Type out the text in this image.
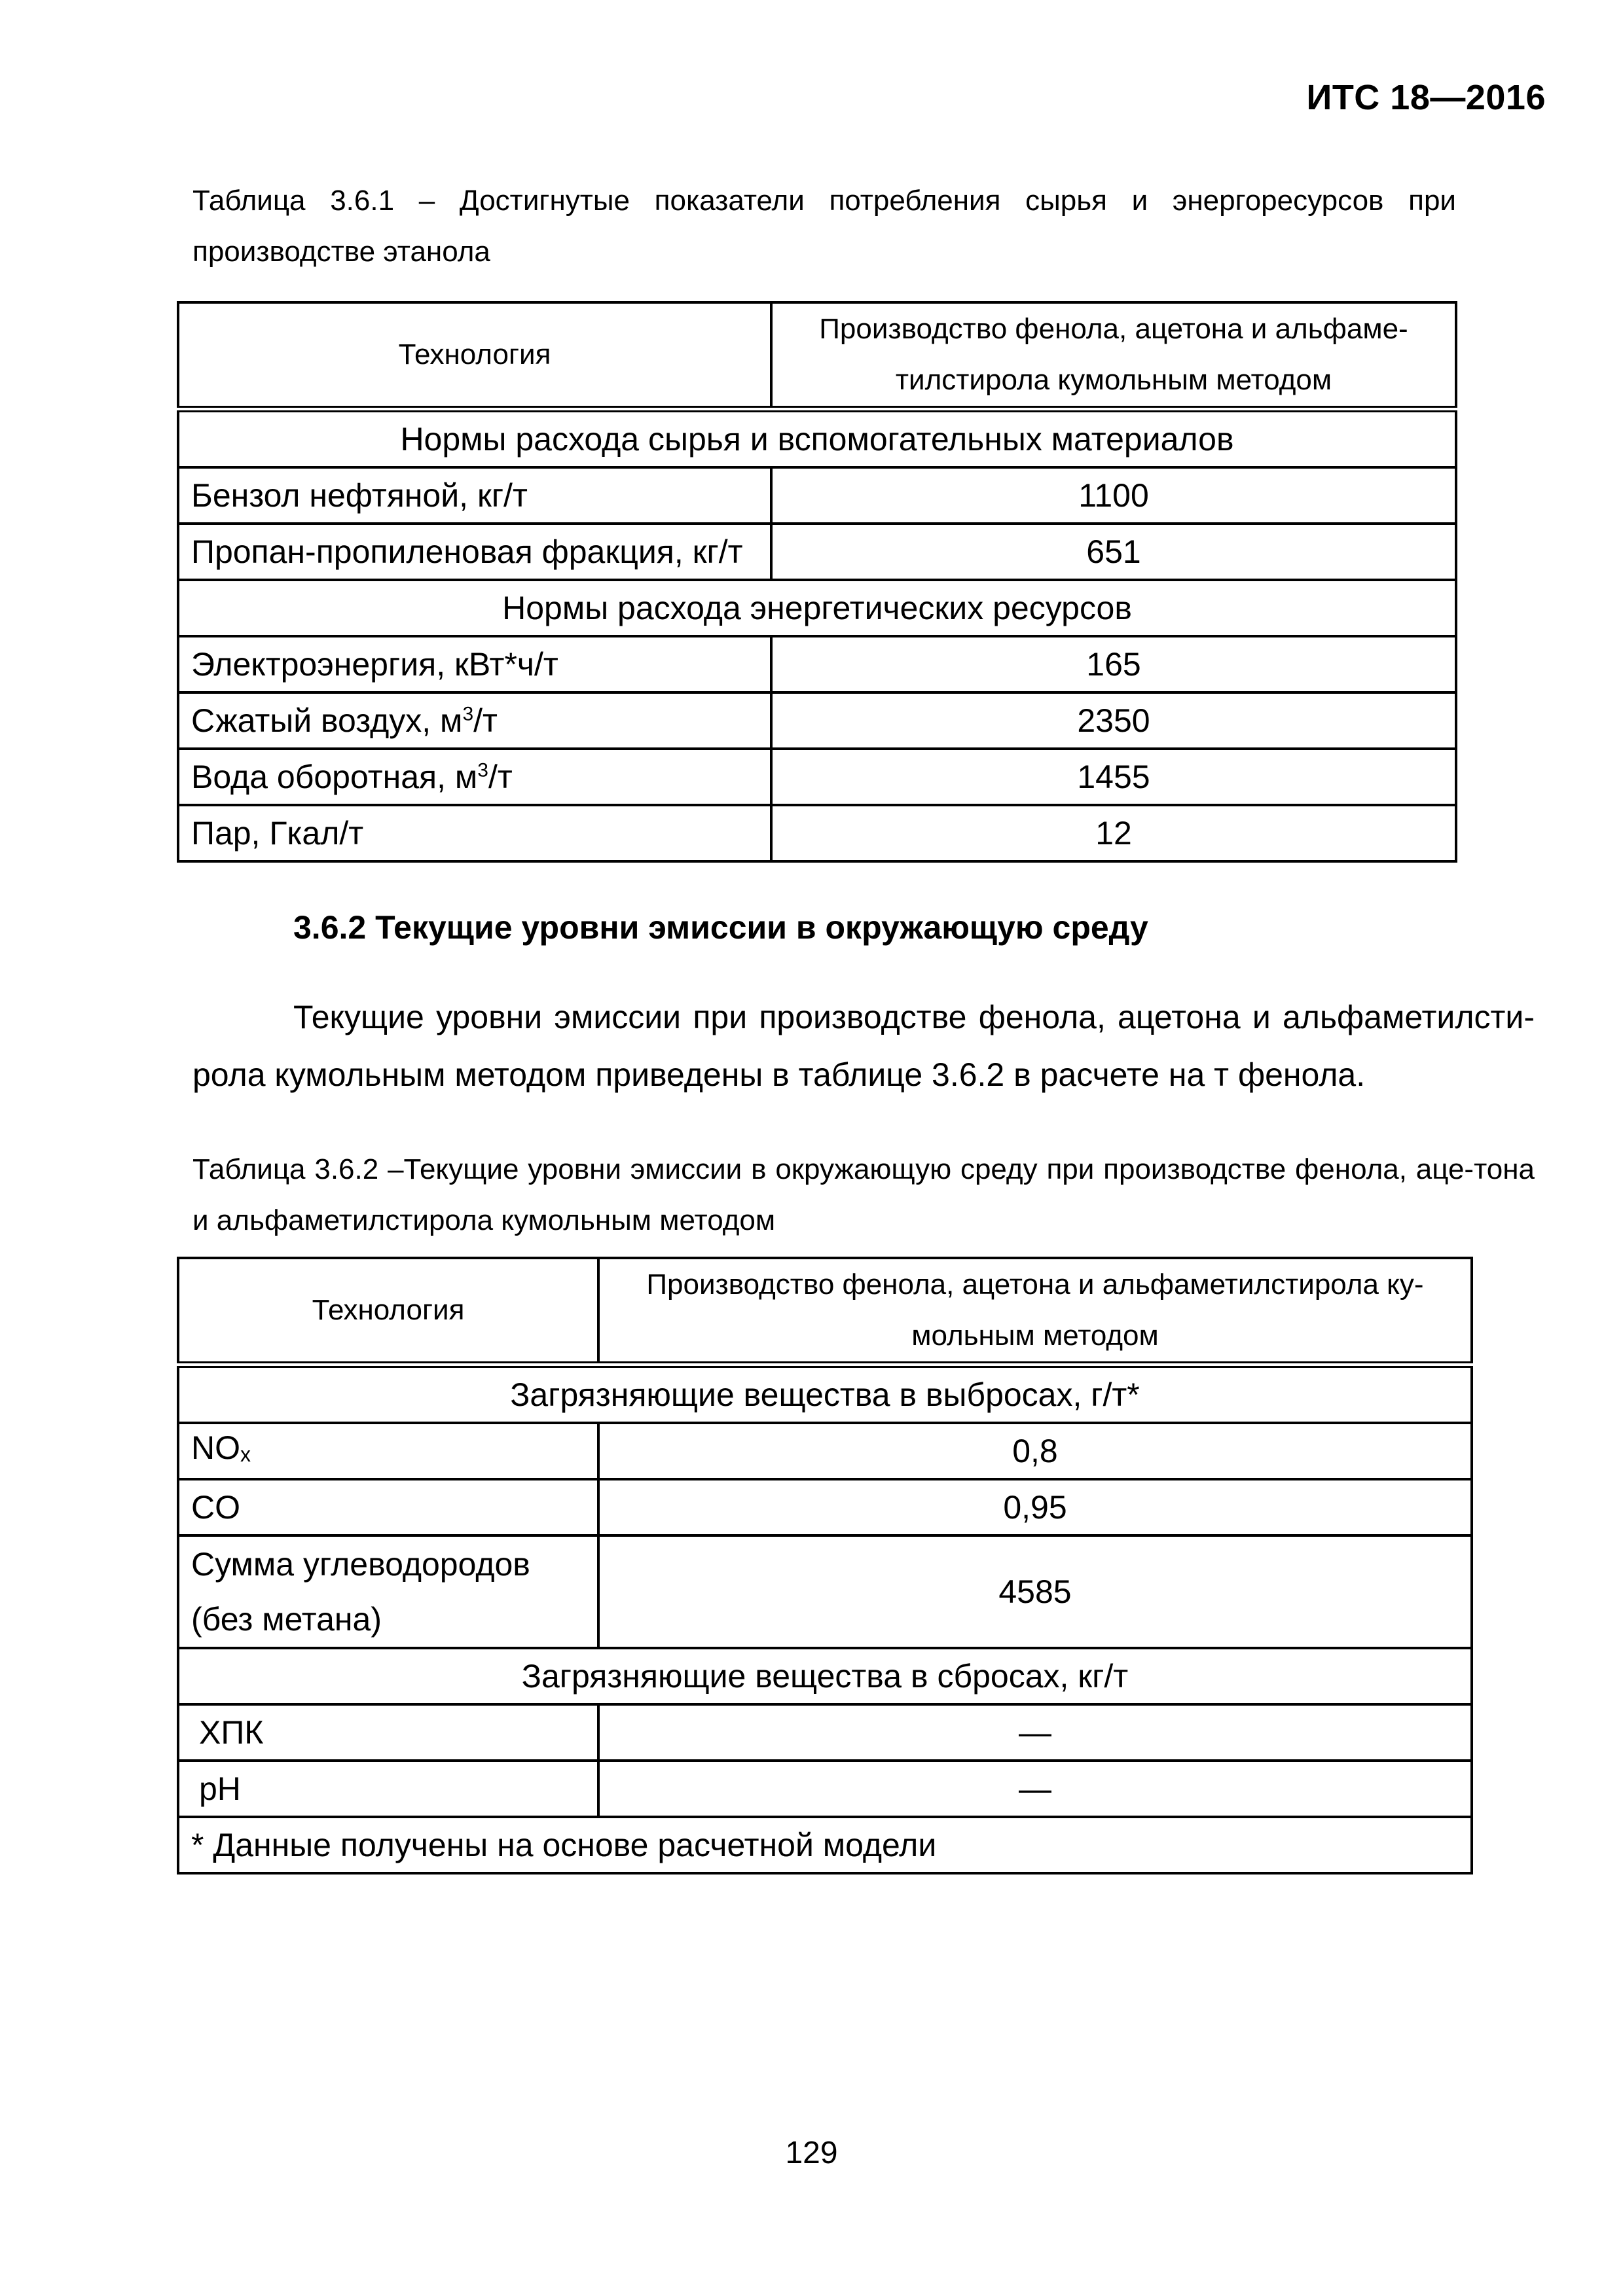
ИТС 18—2016
Таблица 3.6.1 – Достигнутые показатели потребления сырья и энергоресурсов при производстве этанола
Технология	Производство фенола, ацетона и альфаме-тилстирола кумольным методом
Нормы расхода сырья и вспомогательных материалов	
Бензол нефтяной, кг/т	1100
Пропан-пропиленовая фракция, кг/т	651
Нормы расхода энергетических ресурсов	
Электроэнергия, кВт*ч/т	165
Сжатый воздух, $м^3/т$	2350
Вода оборотная, $м^3/т$	1455
Пар, Гкал/т	12
3.6.2 Текущие уровни эмиссии в окружающую среду
Текущие уровни эмиссии при производстве фенола, ацетона и альфаметилсти-рола кумольным методом приведены в таблице 3.6.2 в расчете на т фенола.
Таблица 3.6.2 –Текущие уровни эмиссии в окружающую среду при производстве фенола, аце-тона и альфаметилстирола кумольным методом
Технология	Производство фенола, ацетона и альфаметилстирола ку-мольным методом
Загрязняющие вещества в выбросах, г/т*	
$NO_x$	0,8
CO	0,95
Сумма углеводородов (без метана)	4585
Загрязняющие вещества в сбросах, кг/т	
ХПК	—
pH	—
* Данные получены на основе расчетной модели	
129
